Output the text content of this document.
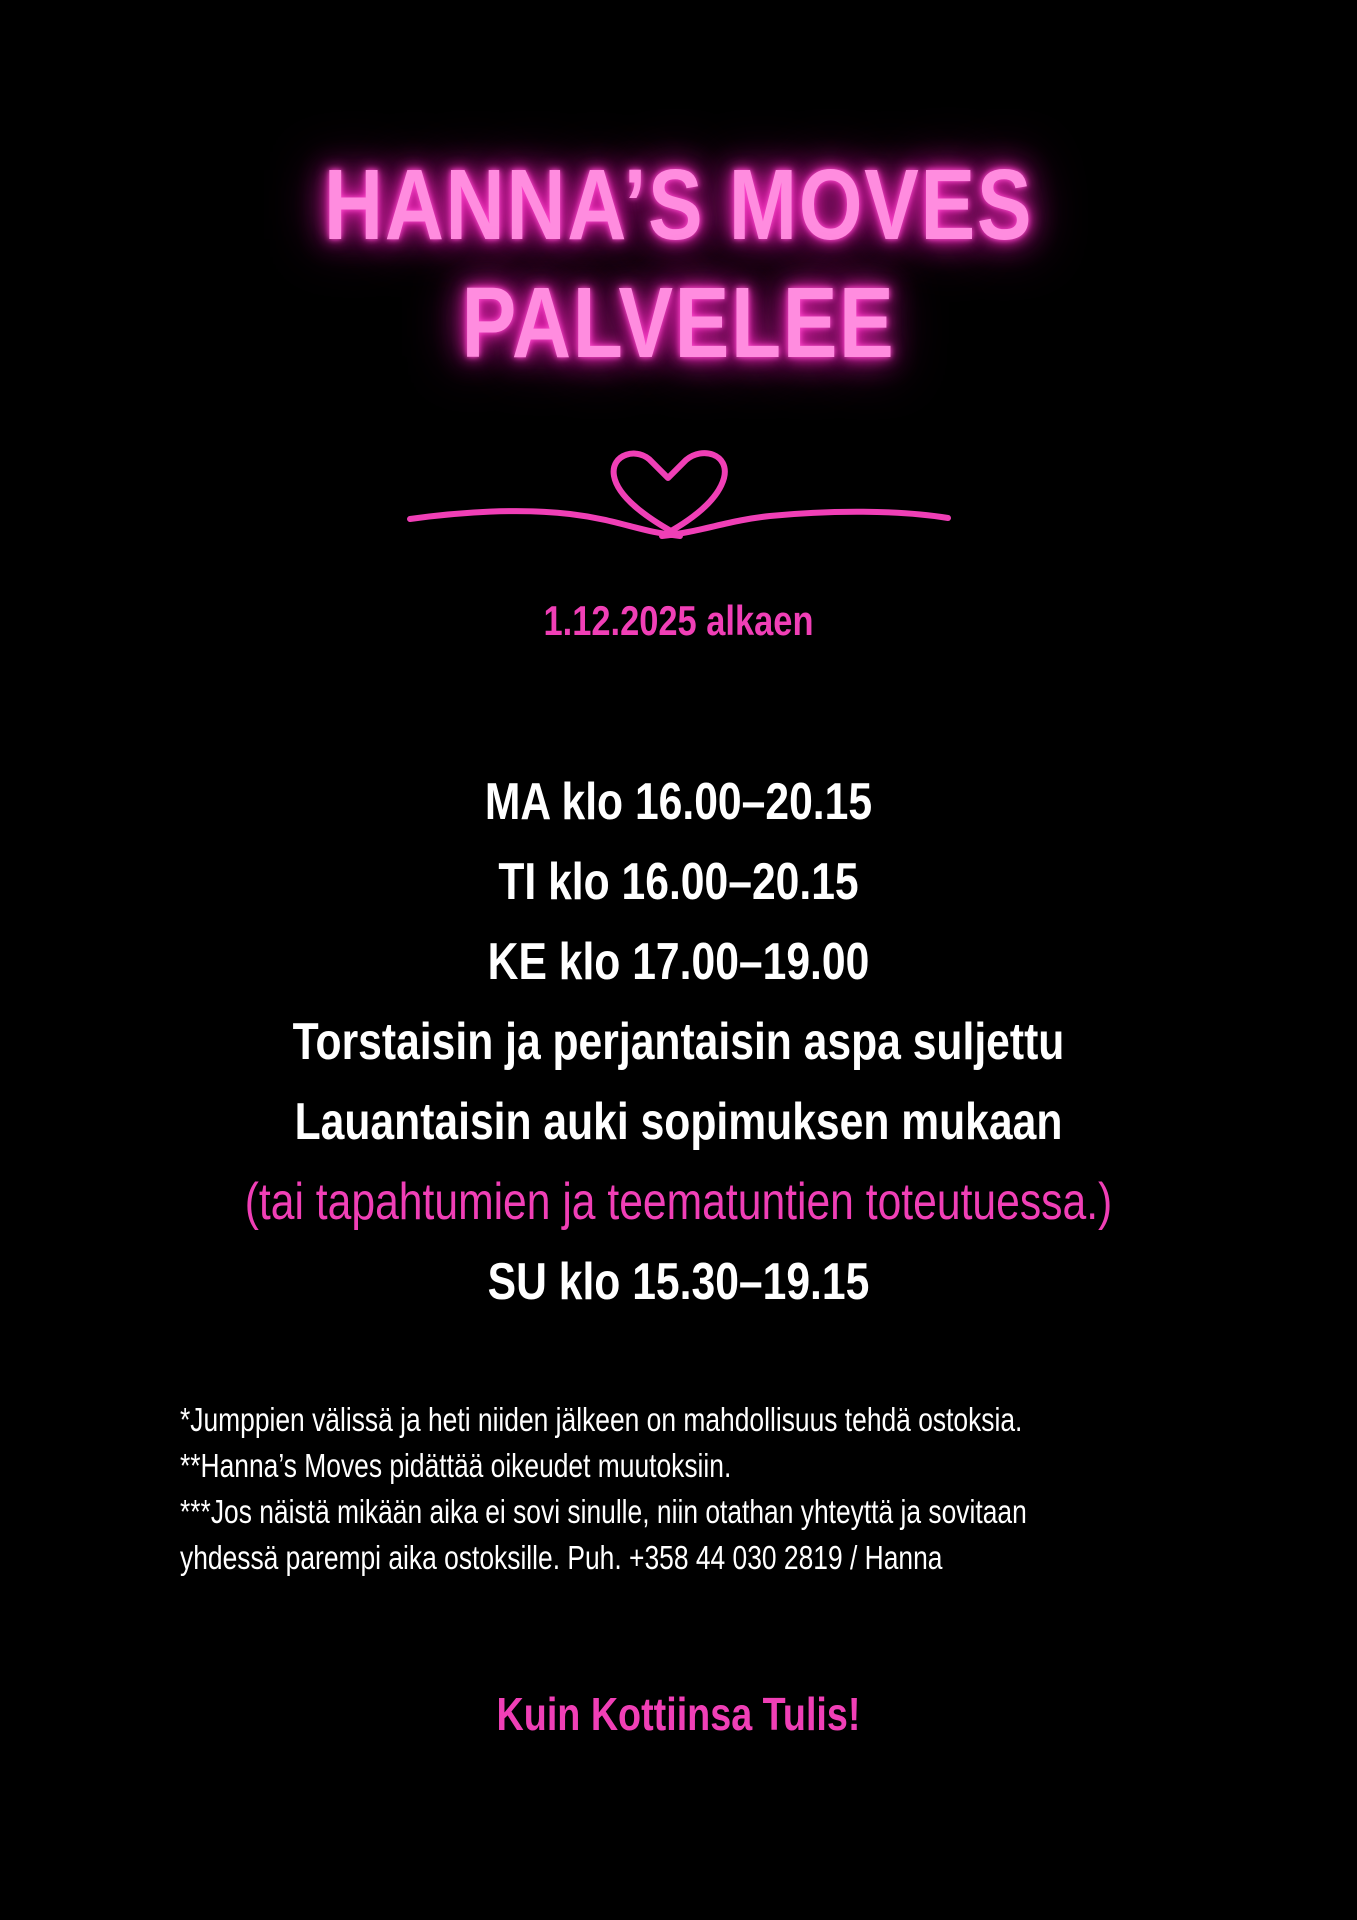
HANNA’S MOVES
PALVELEE
1.12.2025 alkaen
MA klo 16.00–20.15
TI klo 16.00–20.15
KE klo 17.00–19.00
Torstaisin ja perjantaisin aspa suljettu
Lauantaisin auki sopimuksen mukaan
(tai tapahtumien ja teematuntien toteutuessa.)
SU klo 15.30–19.15

*Jumppien välissä ja heti niiden jälkeen on mahdollisuus tehdä ostoksia.

**Hanna’s Moves pidättää oikeudet muutoksiin.

***Jos näistä mikään aika ei sovi sinulle, niin otathan yhteyttä ja sovitaan

yhdessä parempi aika ostoksille. Puh. +358 44 030 2819 / Hanna

Kuin Kottiinsa Tulis!
